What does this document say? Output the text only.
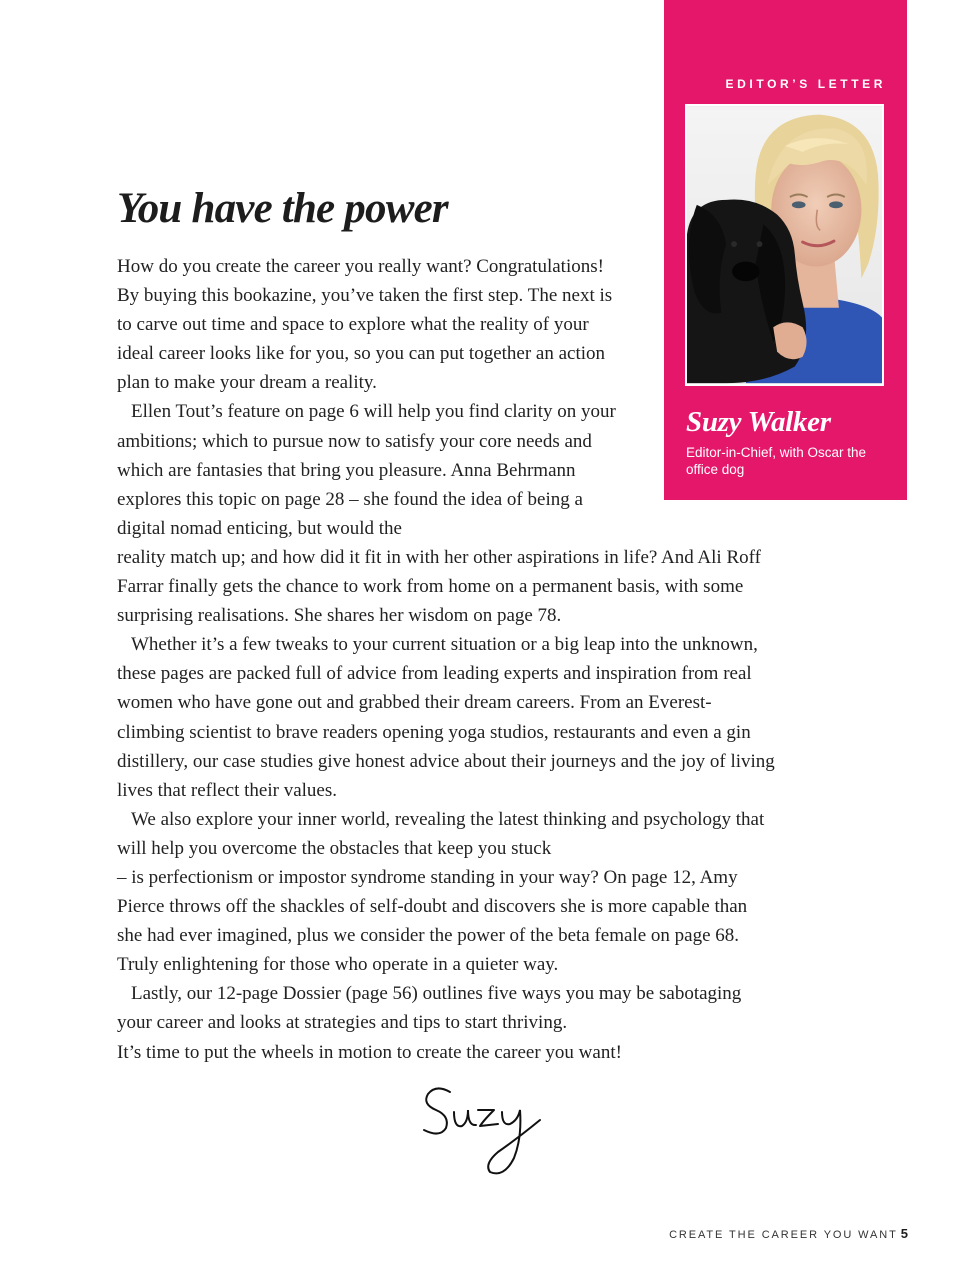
EDITOR’S LETTER
Suzy Walker
Editor-in-Chief, with Oscar the office dog
You have the power

How do you create the career you really want? Congratulations! By buying this bookazine, you’ve taken the first step. The next is to carve out time and space to explore what the reality of your ideal career looks like for you, so you can put together an action plan to make your dream a reality.

Ellen Tout’s feature on page 6 will help you find clarity on your ambitions; which to pursue now to satisfy your core needs and which are fantasies that bring you pleasure. Anna Behrmann explores this topic on page 28 – she found the idea of being a digital nomad enticing, but would the

reality match up; and how did it fit in with her other aspirations in life? And Ali Roff Farrar finally gets the chance to work from home on a permanent basis, with some surprising realisations. She shares her wisdom on page 78.

Whether it’s a few tweaks to your current situation or a big leap into the unknown, these pages are packed full of advice from leading experts and inspiration from real women who have gone out and grabbed their dream careers. From an Everest-climbing scientist to brave readers opening yoga studios, restaurants and even a gin distillery, our case studies give honest advice about their journeys and the joy of living lives that reflect their values.

We also explore your inner world, revealing the latest thinking and psychology that will help you overcome the obstacles that keep you stuck
– is perfectionism or impostor syndrome standing in your way? On page 12, Amy Pierce throws off the shackles of self-doubt and discovers she is more capable than she had ever imagined, plus we consider the power of the beta female on page 68. Truly enlightening for those who operate in a quieter way.

Lastly, our 12-page Dossier (page 56) outlines five ways you may be sabotaging your career and looks at strategies and tips to start thriving.
It’s time to put the wheels in motion to create the career you want!

CREATE THE CAREER YOU WANT 5
